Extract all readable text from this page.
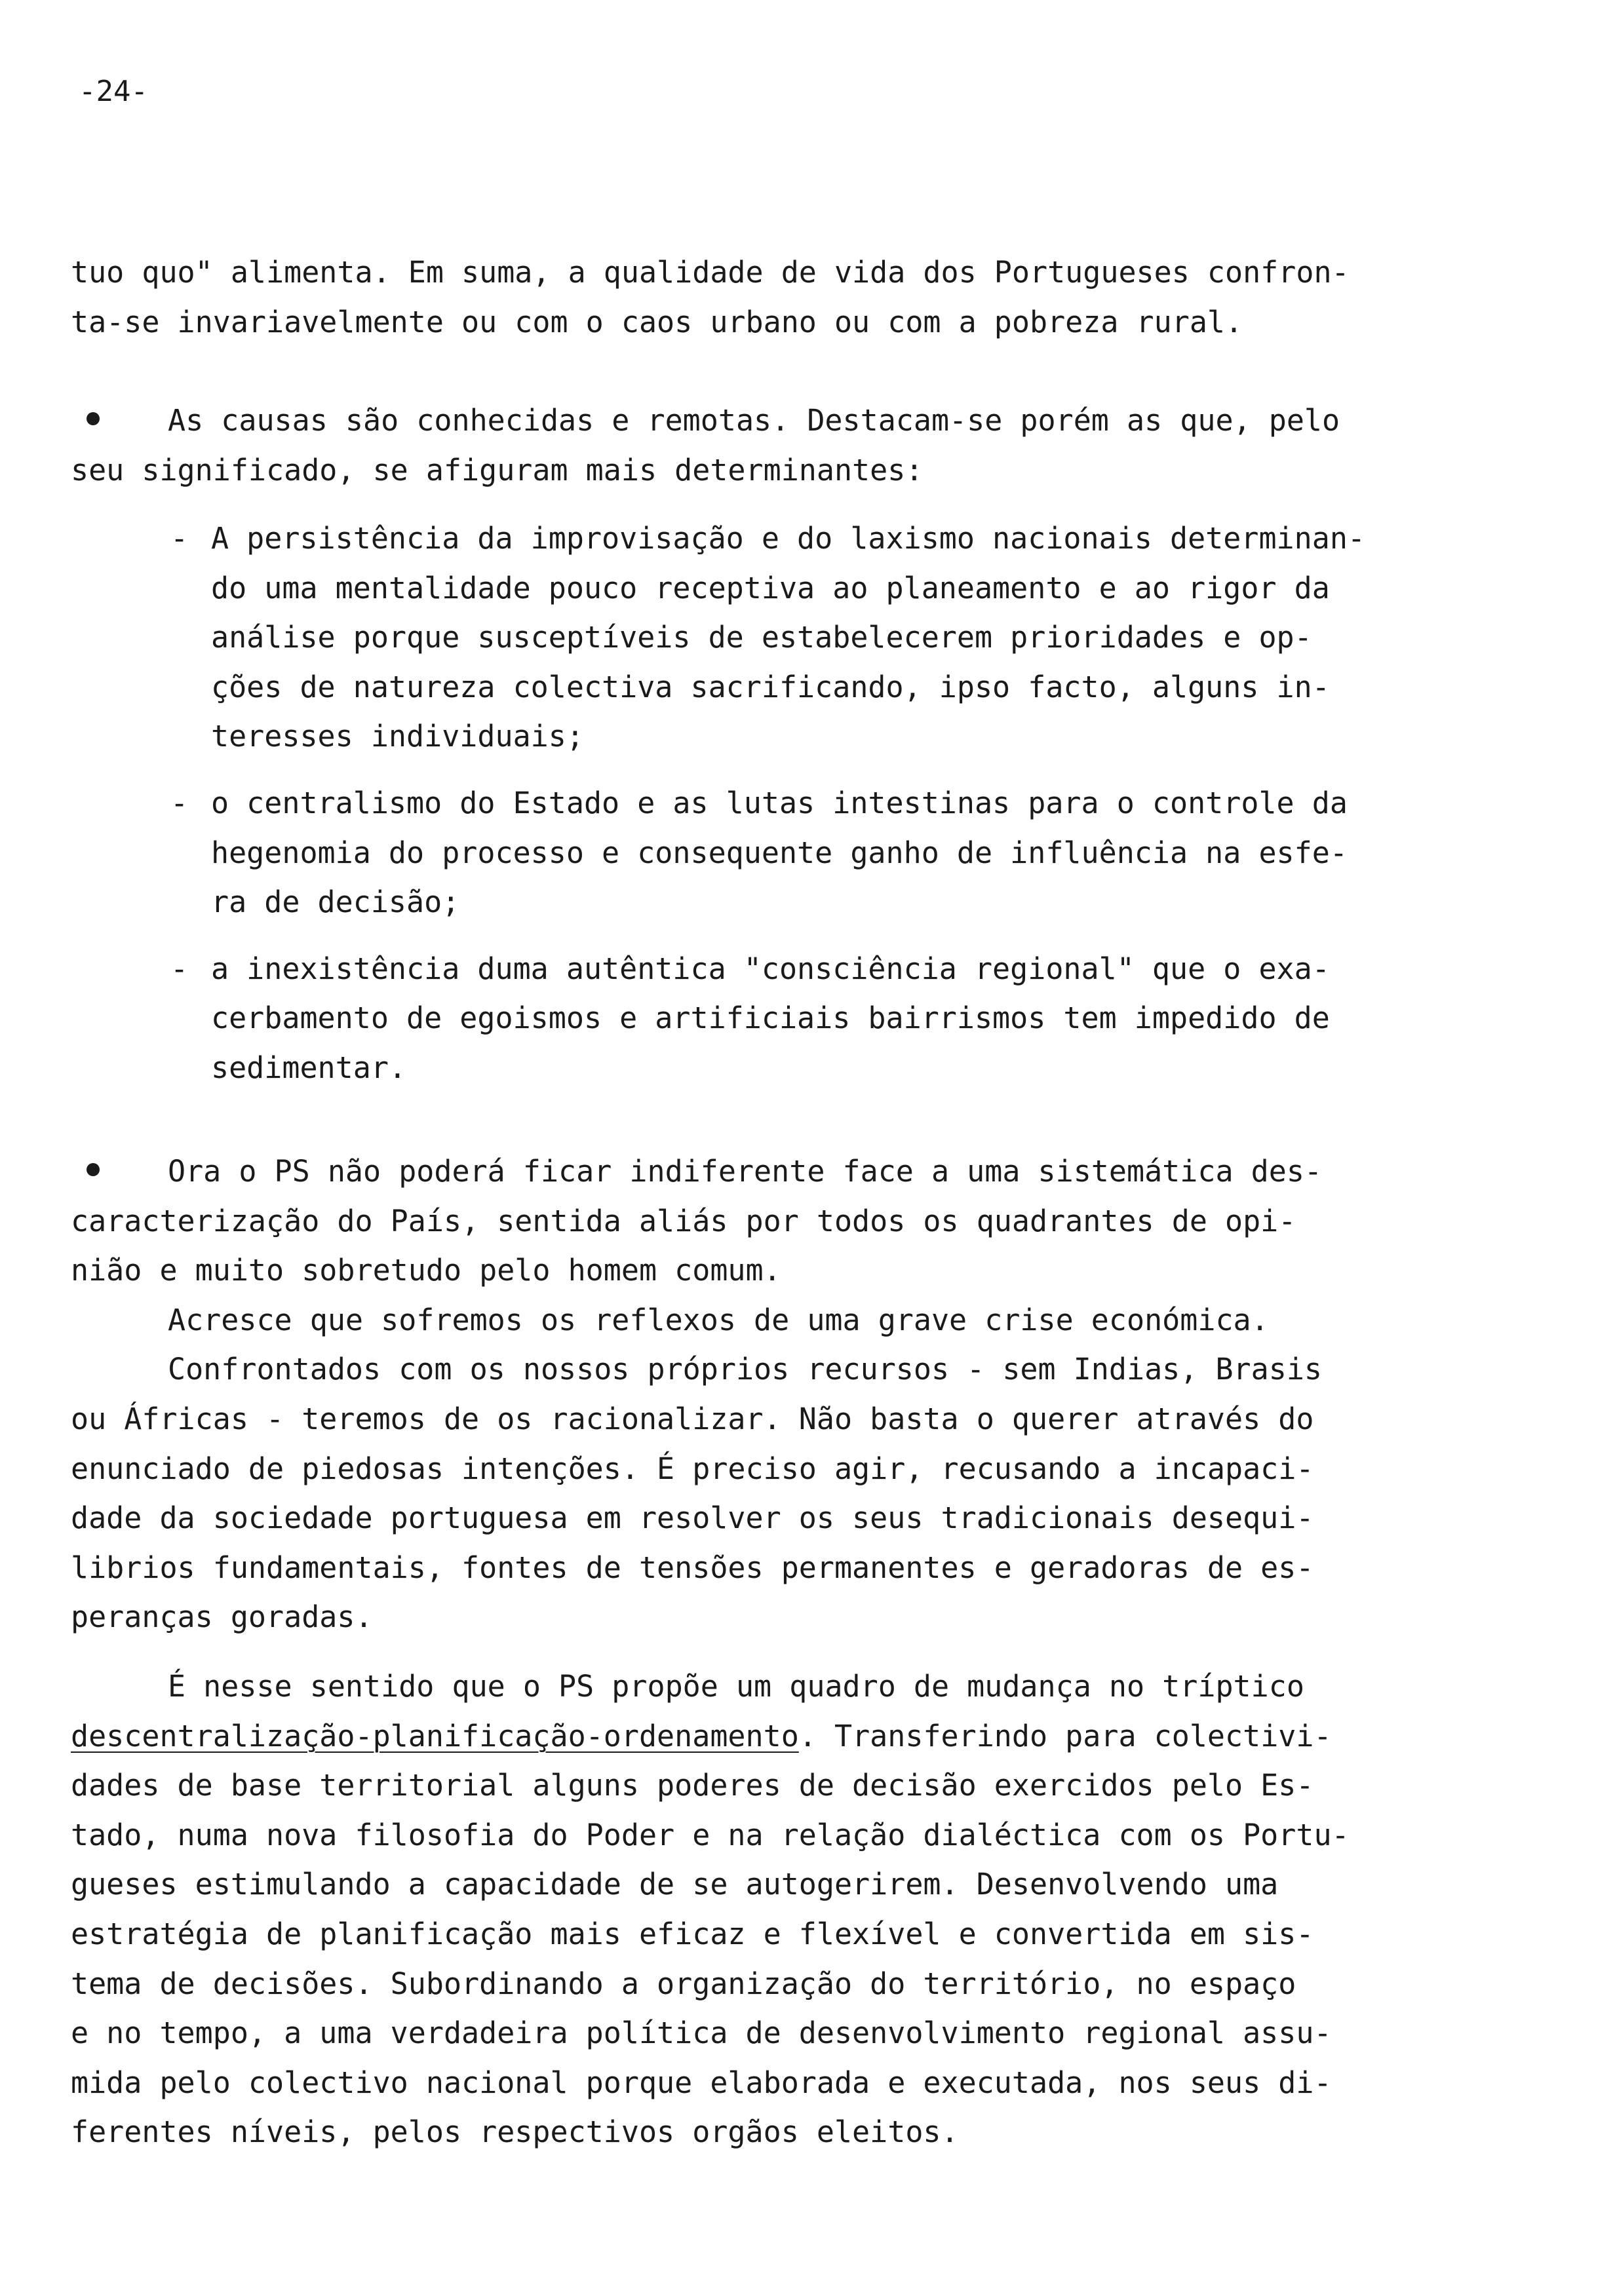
-24-
tuo quo" alimenta. Em suma, a qualidade de vida dos Portugueses confron-
ta-se invariavelmente ou com o caos urbano ou com a pobreza rural.
As causas são conhecidas e remotas. Destacam-se porém as que, pelo
seu significado, se afiguram mais determinantes:
- A persistência da improvisação e do laxismo nacionais determinan-
do uma mentalidade pouco receptiva ao planeamento e ao rigor da
análise porque susceptíveis de estabelecerem prioridades e op-
ções de natureza colectiva sacrificando, ipso facto, alguns in-
teresses individuais;
- o centralismo do Estado e as lutas intestinas para o controle da
hegenomia do processo e consequente ganho de influência na esfe-
ra de decisão;
- a inexistência duma autêntica "consciência regional" que o exa-
cerbamento de egoismos e artificiais bairrismos tem impedido de
sedimentar.
Ora o PS não poderá ficar indiferente face a uma sistemática des-
caracterização do País, sentida aliás por todos os quadrantes de opi-
nião e muito sobretudo pelo homem comum.
Acresce que sofremos os reflexos de uma grave crise económica.
Confrontados com os nossos próprios recursos - sem Indias, Brasis
ou Áfricas - teremos de os racionalizar. Não basta o querer através do
enunciado de piedosas intenções. É preciso agir, recusando a incapaci-
dade da sociedade portuguesa em resolver os seus tradicionais desequi-
librios fundamentais, fontes de tensões permanentes e geradoras de es-
peranças goradas.
É nesse sentido que o PS propõe um quadro de mudança no tríptico
descentralização-planificação-ordenamento. Transferindo para colectivi-
dades de base territorial alguns poderes de decisão exercidos pelo Es-
tado, numa nova filosofia do Poder e na relação dialéctica com os Portu-
gueses estimulando a capacidade de se autogerirem. Desenvolvendo uma
estratégia de planificação mais eficaz e flexível e convertida em sis-
tema de decisões. Subordinando a organização do território, no espaço
e no tempo, a uma verdadeira política de desenvolvimento regional assu-
mida pelo colectivo nacional porque elaborada e executada, nos seus di-
ferentes níveis, pelos respectivos orgãos eleitos.
